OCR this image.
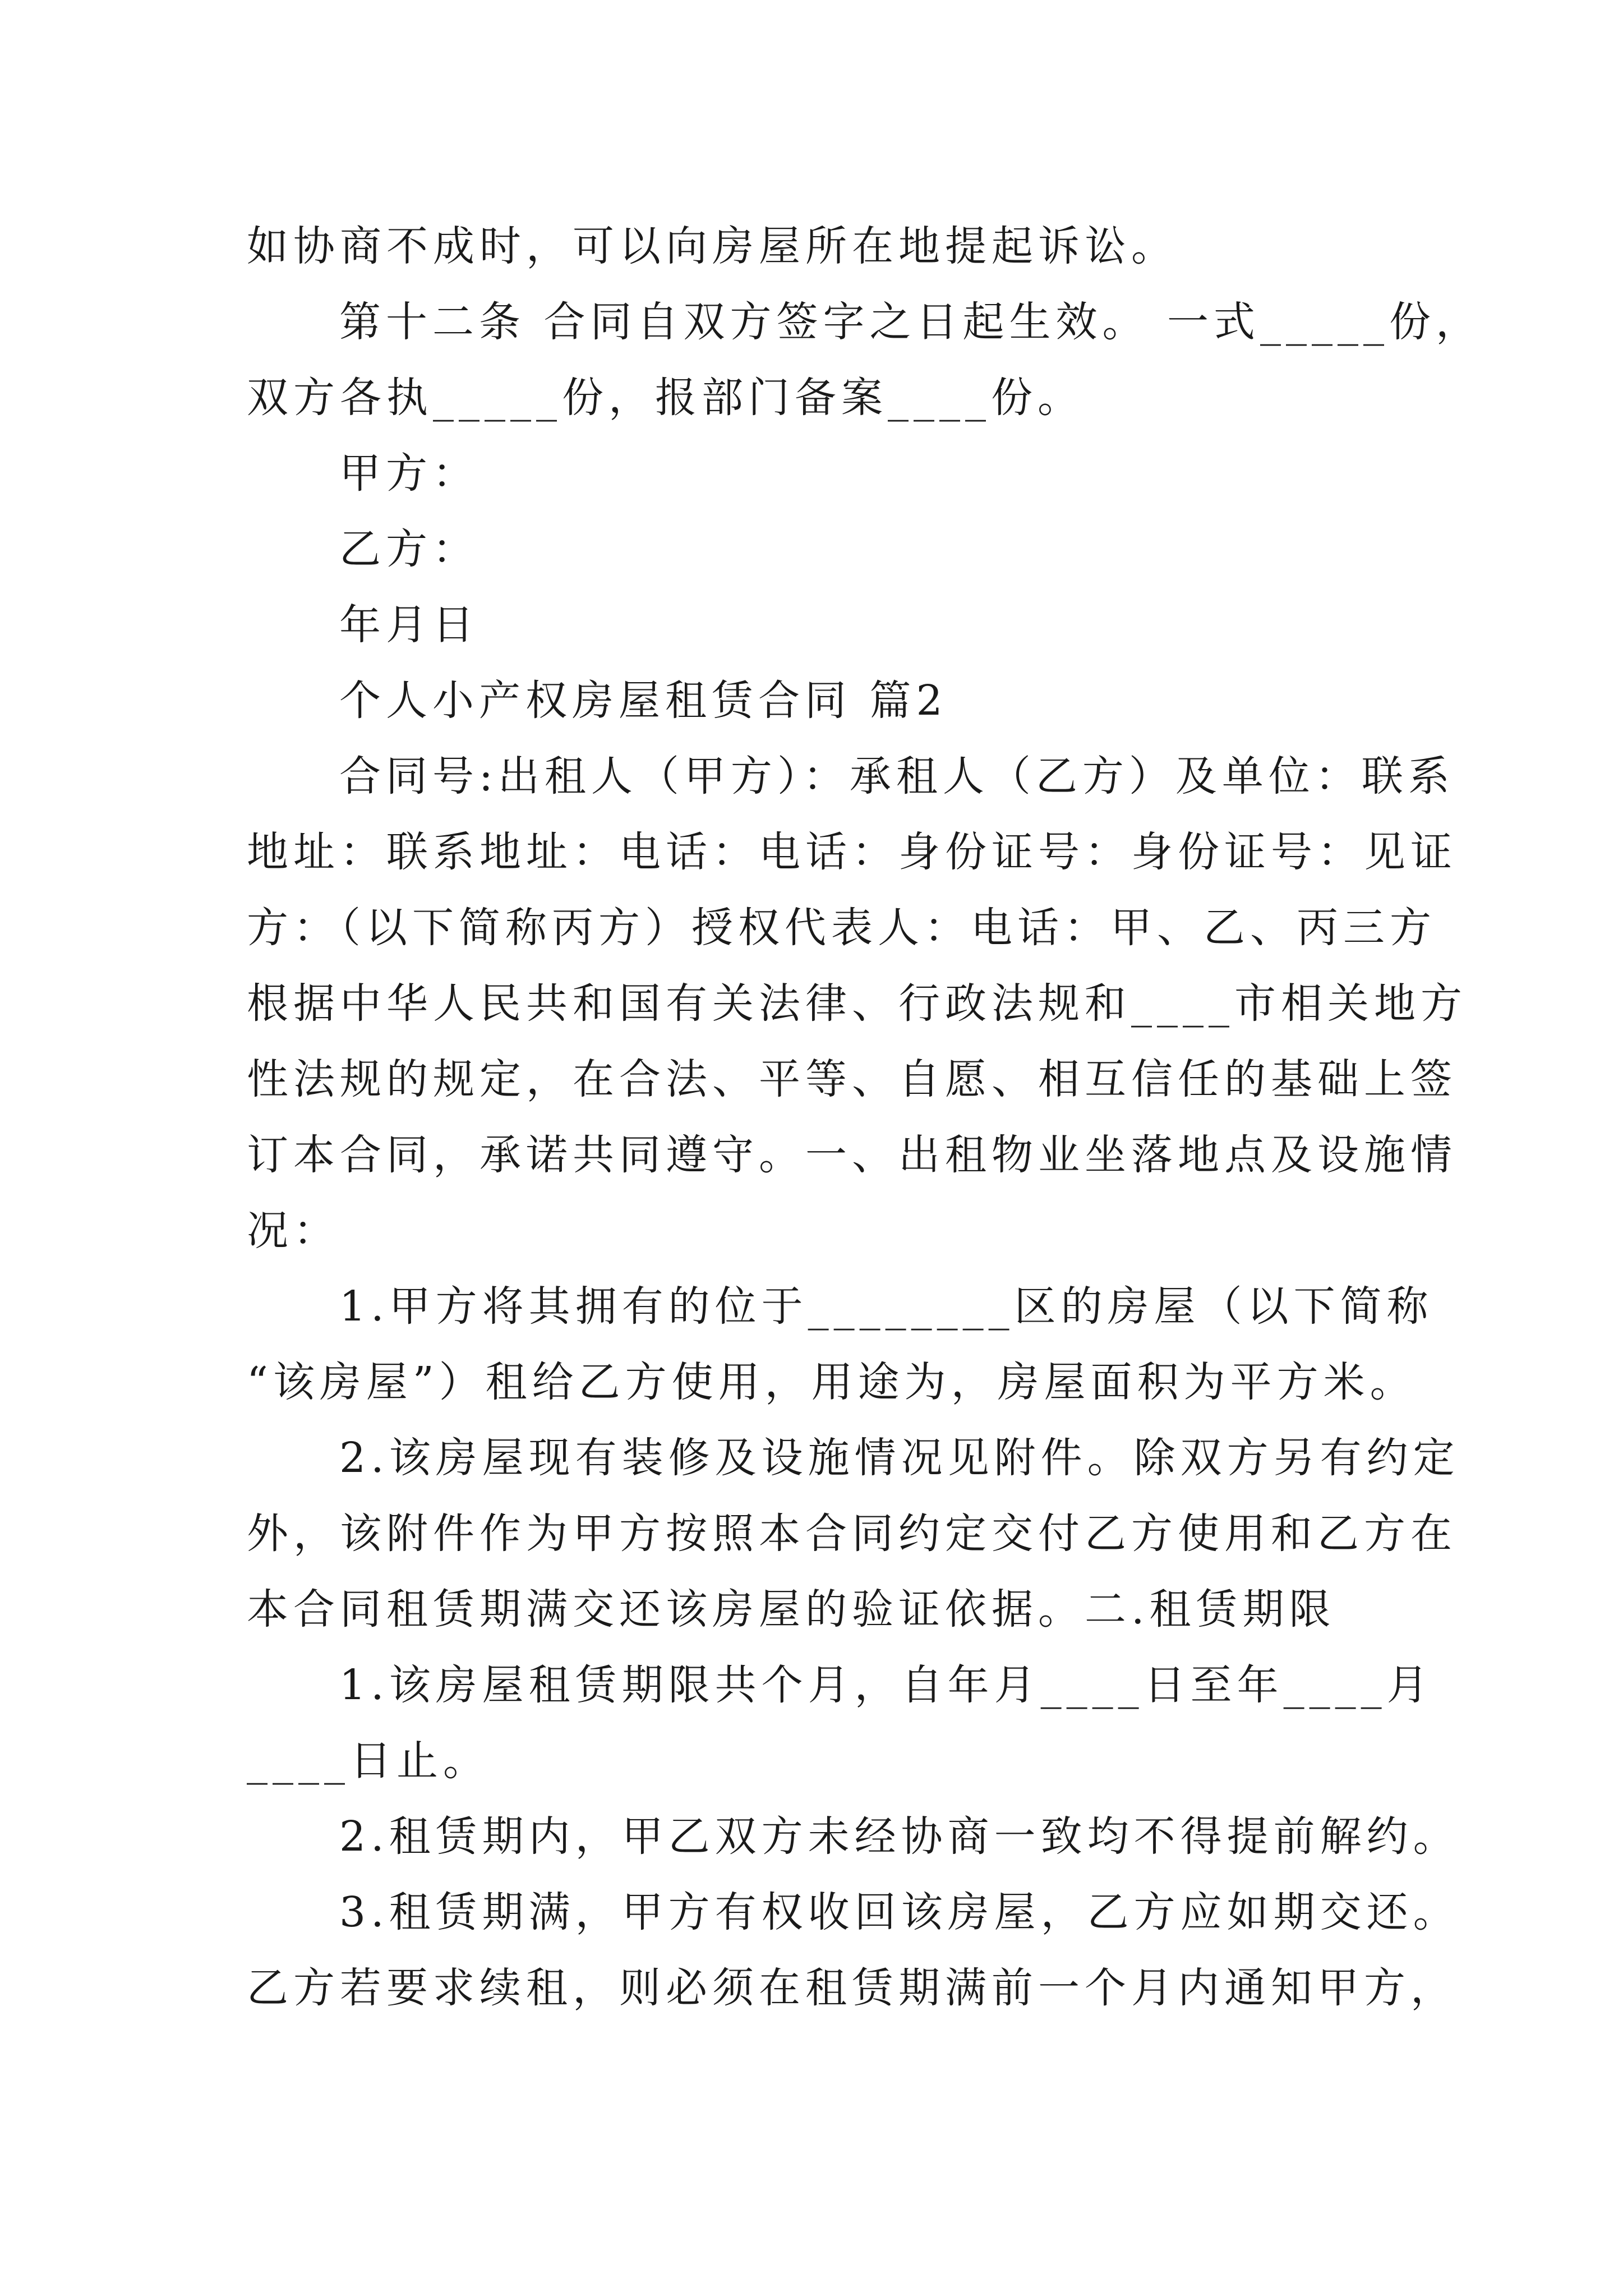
如协商不成时，可以向房屋所在地提起诉讼。
第十二条 合同自双方签字之日起生效。 一式_____份，
双方各执_____份，报部门备案____份。
甲方：
乙方：
年月日
个人小产权房屋租赁合同 篇2
合同号:出租人（甲方）：承租人（乙方）及单位：联系
地址：联系地址：电话：电话：身份证号：身份证号：见证
方：（以下简称丙方）授权代表人：电话：甲、乙、丙三方
根据中华人民共和国有关法律、行政法规和____市相关地方
性法规的规定，在合法、平等、自愿、相互信任的基础上签
订本合同，承诺共同遵守。一、出租物业坐落地点及设施情
况：
1.甲方将其拥有的位于________区的房屋（以下简称
“该房屋”）租给乙方使用，用途为，房屋面积为平方米。
2.该房屋现有装修及设施情况见附件。除双方另有约定
外，该附件作为甲方按照本合同约定交付乙方使用和乙方在
本合同租赁期满交还该房屋的验证依据。二.租赁期限
1.该房屋租赁期限共个月，自年月____日至年____月
____日止。
2.租赁期内，甲乙双方未经协商一致均不得提前解约。
3.租赁期满，甲方有权收回该房屋，乙方应如期交还。
乙方若要求续租，则必须在租赁期满前一个月内通知甲方，
